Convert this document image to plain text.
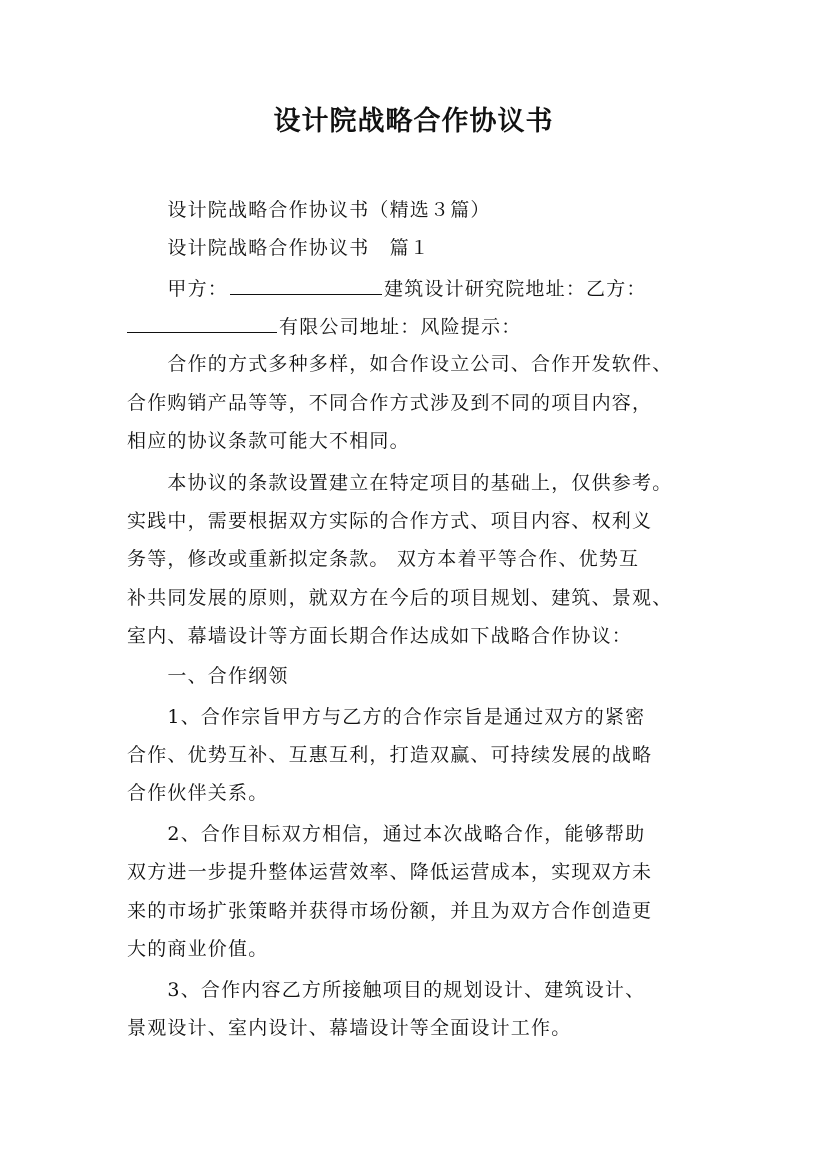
设计院战略合作协议书
　　设计院战略合作协议书（精选３篇）
　　设计院战略合作协议书　篇１
　　甲方：	建筑设计研究院地址：乙方：
有限公司地址：风险提示：
　　合作的方式多种多样，如合作设立公司、合作开发软件、
合作购销产品等等，不同合作方式涉及到不同的项目内容，
相应的协议条款可能大不相同。
　　本协议的条款设置建立在特定项目的基础上，仅供参考。
实践中，需要根据双方实际的合作方式、项目内容、权利义
务等，修改或重新拟定条款。 双方本着平等合作、优势互
补共同发展的原则，就双方在今后的项目规划、建筑、景观、
室内、幕墙设计等方面长期合作达成如下战略合作协议：
　　一、合作纲领
　　1、合作宗旨甲方与乙方的合作宗旨是通过双方的紧密
合作、优势互补、互惠互利，打造双赢、可持续发展的战略
合作伙伴关系。
　　2、合作目标双方相信，通过本次战略合作，能够帮助
双方进一步提升整体运营效率、降低运营成本，实现双方未
来的市场扩张策略并获得市场份额，并且为双方合作创造更
大的商业价值。
　　3、合作内容乙方所接触项目的规划设计、建筑设计、
景观设计、室内设计、幕墙设计等全面设计工作。
